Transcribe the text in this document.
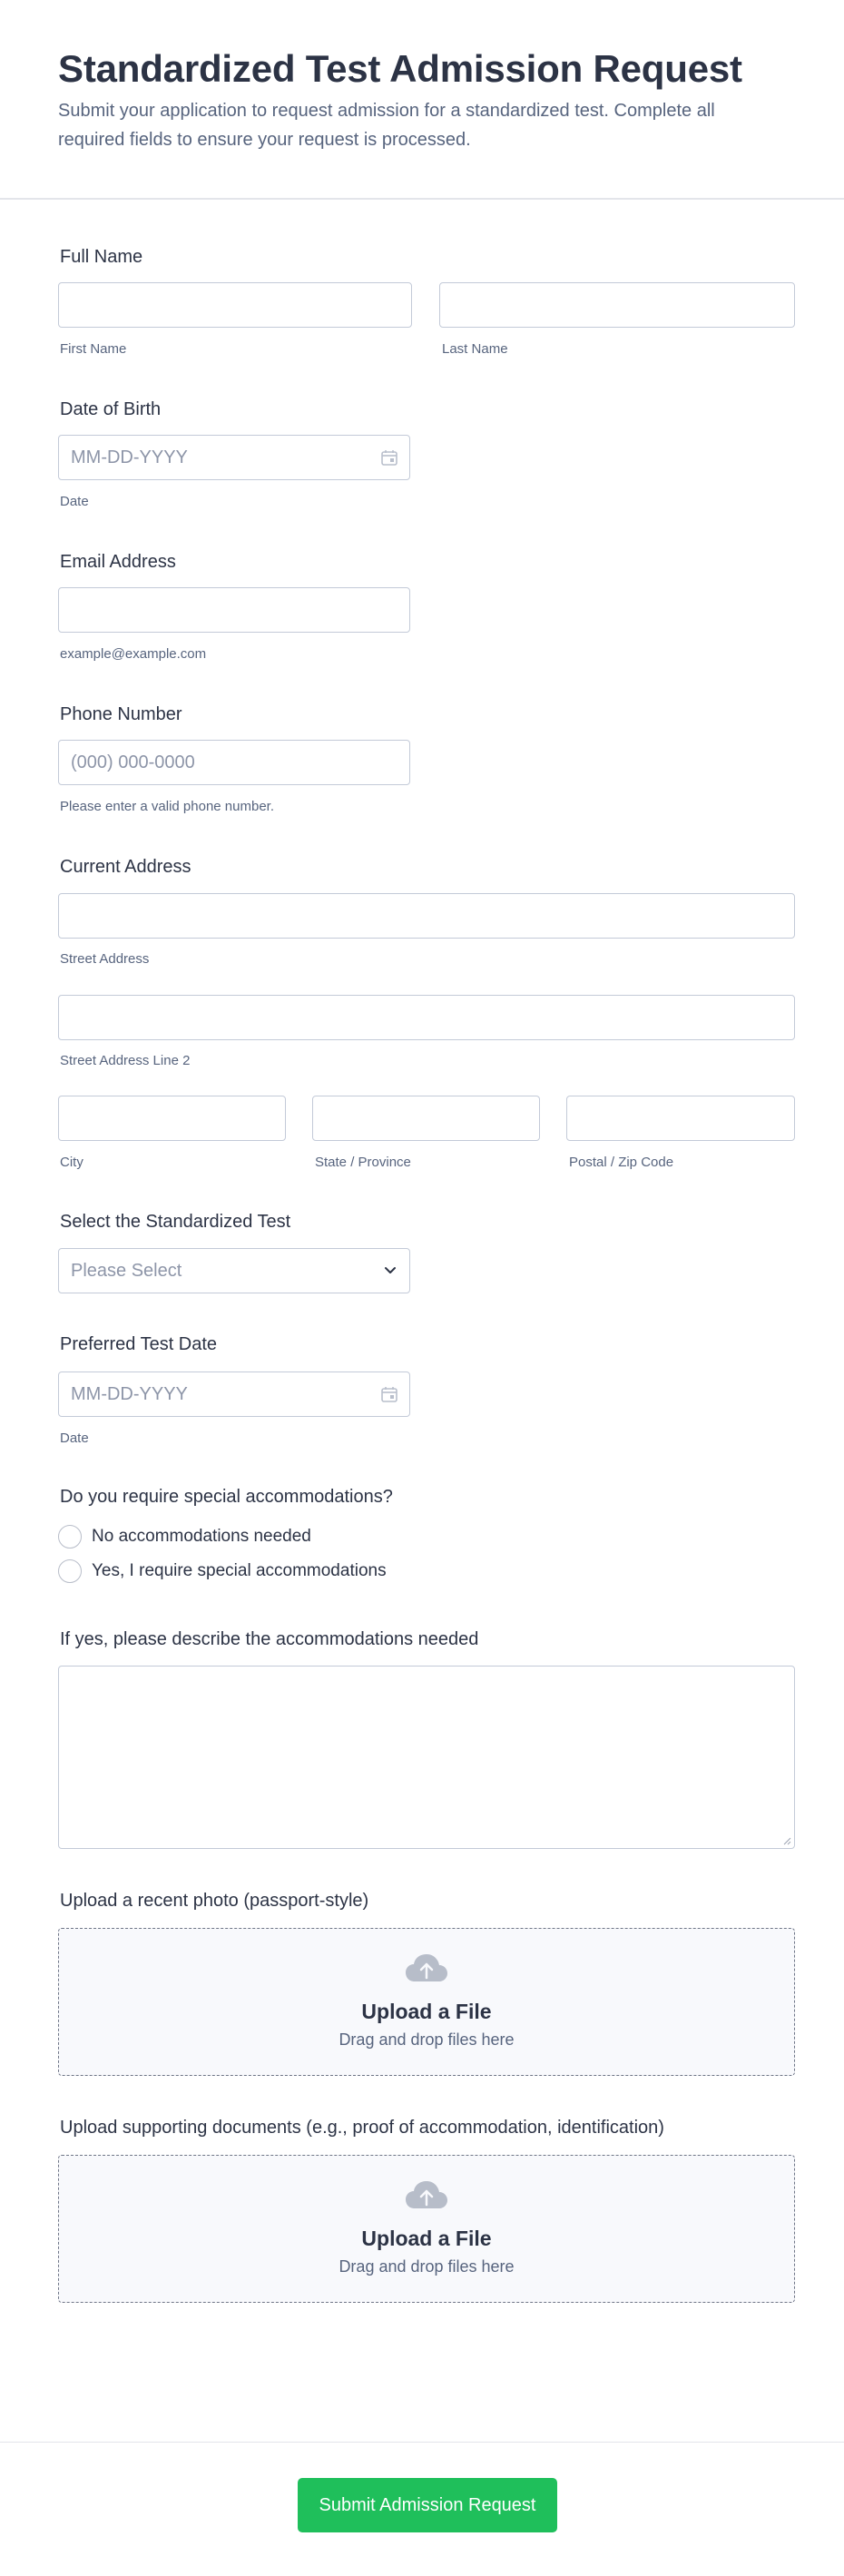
Standardized Test Admission Request

Submit your application to request admission for a standardized test. Complete all required fields to ensure your request is processed.

Full Name
First Name	Last Name
Date of Birth
MM-DD-YYYY
Date
Email Address
example@example.com
Phone Number
(000) 000-0000
Please enter a valid phone number.
Current Address
Street Address
Street Address Line 2
City	State / Province	Postal / Zip Code
Select the Standardized Test
Please Select
Preferred Test Date
MM-DD-YYYY
Date
Do you require special accommodations?
No accommodations needed
Yes, I require special accommodations
If yes, please describe the accommodations needed
Upload a recent photo (passport-style)
Upload a File
Drag and drop files here
Upload supporting documents (e.g., proof of accommodation, identification)
Upload a File
Drag and drop files here
Submit Admission Request
